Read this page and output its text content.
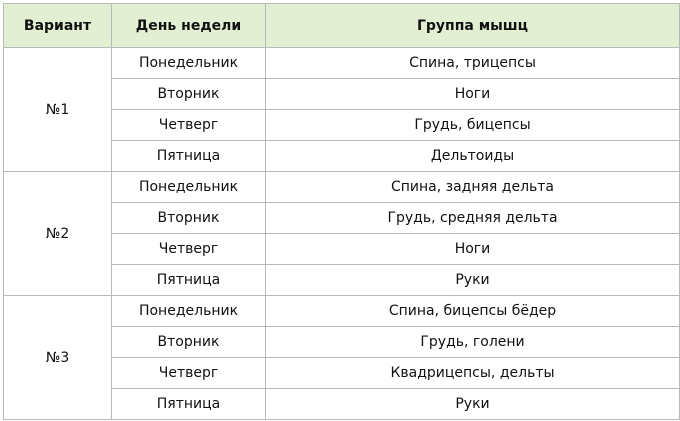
Вариант	День недели	Группа мышц
№1	Понедельник	Спина, трицепсы
	Вторник	Ноги
	Четверг	Грудь, бицепсы
	Пятница	Дельтоиды
№2	Понедельник	Спина, задняя дельта
	Вторник	Грудь, средняя дельта
	Четверг	Ноги
	Пятница	Руки
№3	Понедельник	Спина, бицепсы бёдер
	Вторник	Грудь, голени
	Четверг	Квадрицепсы, дельты
	Пятница	Руки
